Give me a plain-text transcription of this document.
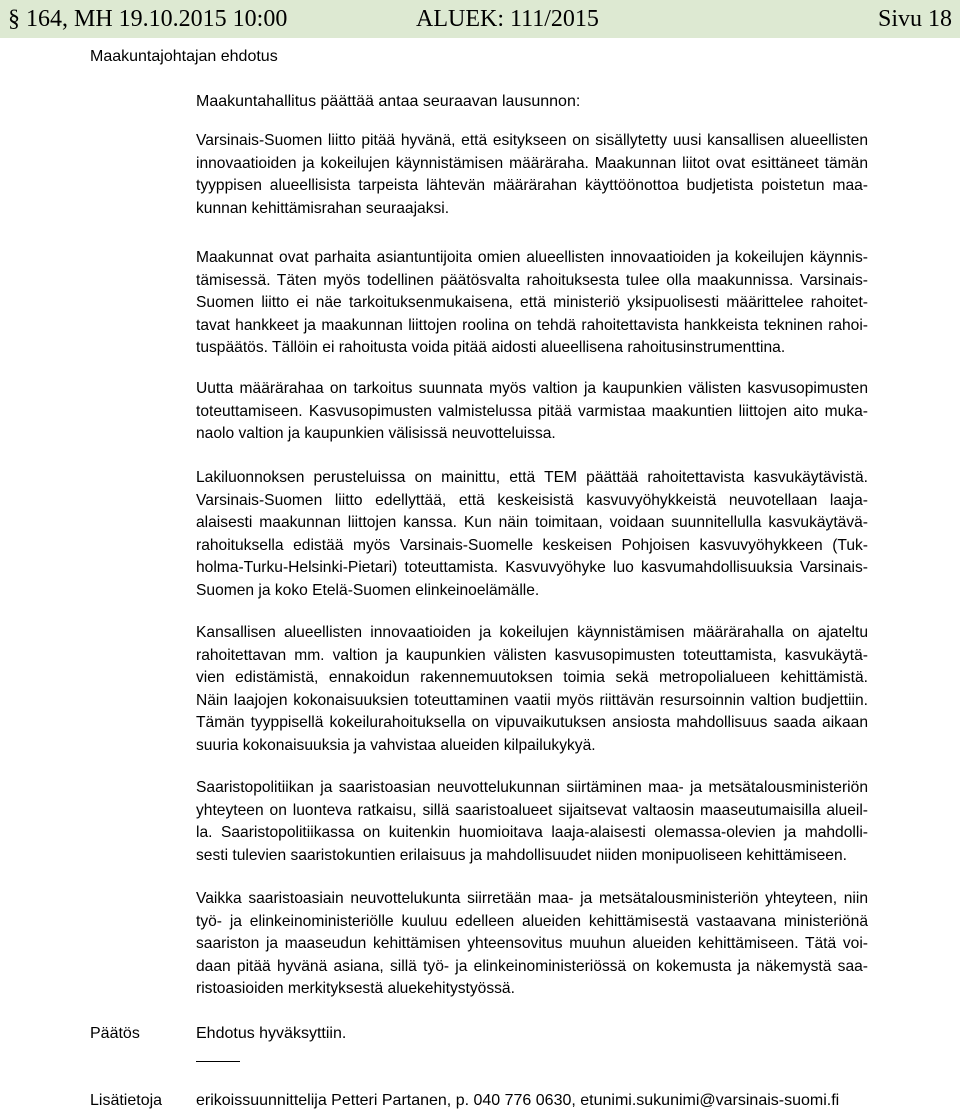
§ 164, MH 19.10.2015 10:00	ALUEK: 111/2015	Sivu 18
Maakuntajohtajan ehdotus
Maakuntahallitus päättää antaa seuraavan lausunnon:
Varsinais-Suomen liitto pitää hyvänä, että esitykseen on sisällytetty uusi kansallisen alueellisten
innovaatioiden ja kokeilujen käynnistämisen määräraha. Maakunnan liitot ovat esittäneet tämän
tyyppisen alueellisista tarpeista lähtevän määrärahan käyttöönottoa budjetista poistetun maa-
kunnan kehittämisrahan seuraajaksi.
Maakunnat ovat parhaita asiantuntijoita omien alueellisten innovaatioiden ja kokeilujen käynnis-
tämisessä. Täten myös todellinen päätösvalta rahoituksesta tulee olla maakunnissa. Varsinais-
Suomen liitto ei näe tarkoituksenmukaisena, että ministeriö yksipuolisesti määrittelee rahoitet-
tavat hankkeet ja maakunnan liittojen roolina on tehdä rahoitettavista hankkeista tekninen rahoi-
tuspäätös. Tällöin ei rahoitusta voida pitää aidosti alueellisena rahoitusinstrumenttina.
Uutta määrärahaa on tarkoitus suunnata myös valtion ja kaupunkien välisten kasvusopimusten
toteuttamiseen. Kasvusopimusten valmistelussa pitää varmistaa maakuntien liittojen aito muka-
naolo valtion ja kaupunkien välisissä neuvotteluissa.
Lakiluonnoksen perusteluissa on mainittu, että TEM päättää rahoitettavista kasvukäytävistä.
Varsinais-Suomen liitto edellyttää, että keskeisistä kasvuvyöhykkeistä neuvotellaan laaja-
alaisesti maakunnan liittojen kanssa. Kun näin toimitaan, voidaan suunnitellulla kasvukäytävä-
rahoituksella edistää myös Varsinais-Suomelle keskeisen Pohjoisen kasvuvyöhykkeen (Tuk-
holma-Turku-Helsinki-Pietari) toteuttamista. Kasvuvyöhyke luo kasvumahdollisuuksia Varsinais-
Suomen ja koko Etelä-Suomen elinkeinoelämälle.
Kansallisen alueellisten innovaatioiden ja kokeilujen käynnistämisen määrärahalla on ajateltu
rahoitettavan mm. valtion ja kaupunkien välisten kasvusopimusten toteuttamista, kasvukäytä-
vien edistämistä, ennakoidun rakennemuutoksen toimia sekä metropolialueen kehittämistä.
Näin laajojen kokonaisuuksien toteuttaminen vaatii myös riittävän resursoinnin valtion budjettiin.
Tämän tyyppisellä kokeilurahoituksella on vipuvaikutuksen ansiosta mahdollisuus saada aikaan
suuria kokonaisuuksia ja vahvistaa alueiden kilpailukykyä.
Saaristopolitiikan ja saaristoasian neuvottelukunnan siirtäminen maa- ja metsätalousministeriön
yhteyteen on luonteva ratkaisu, sillä saaristoalueet sijaitsevat valtaosin maaseutumaisilla alueil-
la. Saaristopolitiikassa on kuitenkin huomioitava laaja-alaisesti olemassa-olevien ja mahdolli-
sesti tulevien saaristokuntien erilaisuus ja mahdollisuudet niiden monipuoliseen kehittämiseen.
Vaikka saaristoasiain neuvottelukunta siirretään maa- ja metsätalousministeriön yhteyteen, niin
työ- ja elinkeinoministeriölle kuuluu edelleen alueiden kehittämisestä vastaavana ministeriönä
saariston ja maaseudun kehittämisen yhteensovitus muuhun alueiden kehittämiseen. Tätä voi-
daan pitää hyvänä asiana, sillä työ- ja elinkeinoministeriössä on kokemusta ja näkemystä saa-
ristoasioiden merkityksestä aluekehitystyössä.
Päätös	Ehdotus hyväksyttiin.
Lisätietoja erikoissuunnittelija Petteri Partanen, p. 040 776 0630, etunimi.sukunimi@varsinais-suomi.fi
